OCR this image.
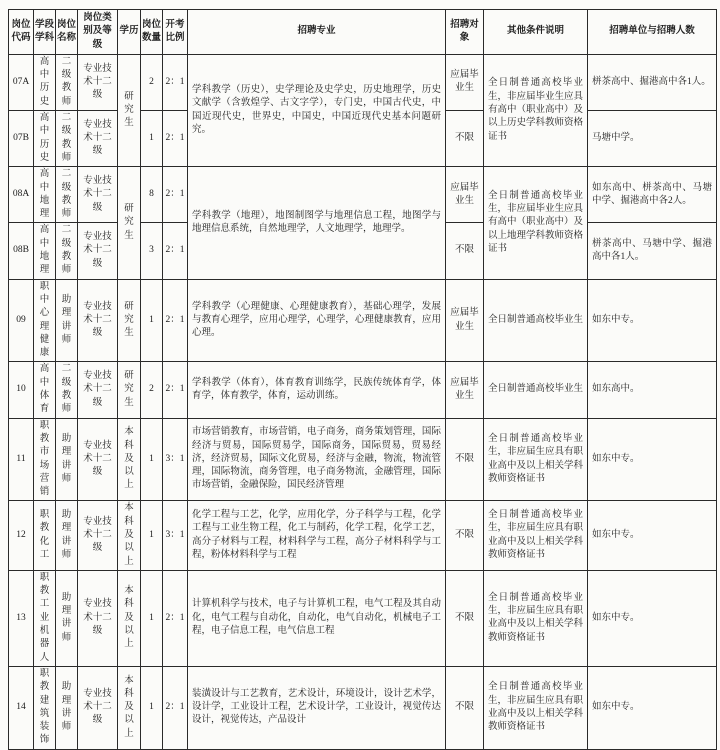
岗位代码	学段学科	岗位名称	岗位类别及等级	学历	岗位数量	开考比例	招聘专业	招聘对象	其他条件说明	招聘单位与招聘人数
07A	高中历史	二级教师	专业技术十二级	研究生	2	2：1	学科教学（历史），史学理论及史学史，历史地理学，历史文献学（含敦煌学、古文字学），专门史，中国古代史，中国近现代史，世界史，中国史，中国近现代史基本问题研究。	应届毕业生	全日制普通高校毕业生，非应届毕业生应具有高中（职业高中）及以上历史学科教师资格证书	栟茶高中、掘港高中各1人。
07B	高中历史	二级教师	专业技术十二级		1	2：1		不限		马塘中学。
08A	高中地理	二级教师	专业技术十二级	研究生	8	2：1	学科教学（地理），地图制图学与地理信息工程，地图学与地理信息系统，自然地理学，人文地理学，地理学。	应届毕业生	全日制普通高校毕业生，非应届毕业生应具有高中（职业高中）及以上地理学科教师资格证书	如东高中、栟茶高中、马塘中学、掘港高中各2人。
08B	高中地理	二级教师	专业技术十二级		3	2：1		不限		栟茶高中、马塘中学、掘港高中各1人。
09	职中心理健康	助理讲师	专业技术十二级	研究生	1	2：1	学科教学（心理健康、心理健康教育），基础心理学，发展与教育心理学，应用心理学，心理学，心理健康教育，应用心理。	应届毕业生	全日制普通高校毕业生	如东中专。
10	高中体育	二级教师	专业技术十二级	研究生	2	2：1	学科教学（体育），体育教育训练学，民族传统体育学，体育学，体育教学，体育，运动训练。	应届毕业生	全日制普通高校毕业生	如东高中。
11	职教市场营销	助理讲师	专业技术十二级	本科及以上	1	3：1	市场营销教育，市场营销，电子商务，商务策划管理，国际经济与贸易，国际贸易学，国际商务，国际贸易，贸易经济，经济贸易，国际文化贸易，经济与金融，物流，物流管理，国际物流，商务管理，电子商务物流，金融管理，国际市场营销，金融保险，国民经济管理	不限	全日制普通高校毕业生，非应届生应具有职业高中及以上相关学科教师资格证书	如东中专。
12	职教化工	助理讲师	专业技术十二级	本科及以上	1	3：1	化学工程与工艺，化学，应用化学，分子科学与工程，化学工程与工业生物工程，化工与制药，化学工程，化学工艺，高分子材料与工程，材料科学与工程，高分子材料科学与工程，粉体材料科学与工程	不限	全日制普通高校毕业生，非应届生应具有职业高中及以上相关学科教师资格证书	如东中专。
13	职教工业机器人	助理讲师	专业技术十二级	本科及以上	1	2：1	计算机科学与技术，电子与计算机工程，电气工程及其自动化，电气工程与自动化，自动化，电气自动化，机械电子工程，电子信息工程，电气信息工程	不限	全日制普通高校毕业生，非应届生应具有职业高中及以上相关学科教师资格证书	如东中专。
14	职教建筑装饰	助理讲师	专业技术十二级	本科及以上	1	2：1	装潢设计与工艺教育，艺术设计，环境设计，设计艺术学，设计学，工业设计工程，艺术设计学，工业设计，视觉传达设计，视觉传达，产品设计	不限	全日制普通高校毕业生，非应届生应具有职业高中及以上相关学科教师资格证书	如东中专。
